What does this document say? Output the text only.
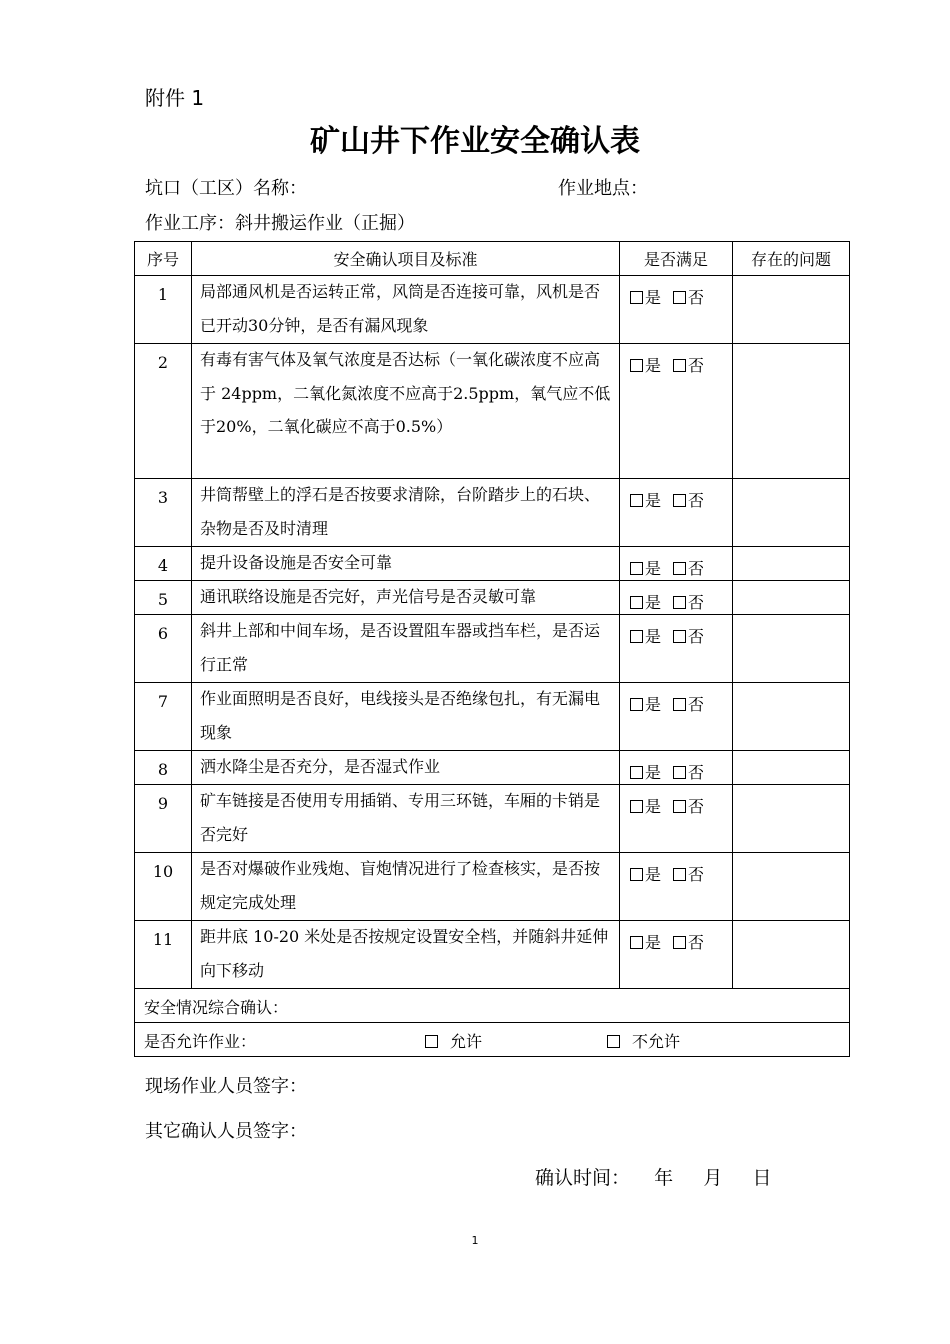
附件 1
矿山井下作业安全确认表
坑口（工区）名称：	作业地点：
作业工序：斜井搬运作业（正掘）
序号	安全确认项目及标准	是否满足	存在的问题
1	局部通风机是否运转正常，风筒是否连接可靠，风机是否已开动30分钟，是否有漏风现象	是 否	
2	有毒有害气体及氧气浓度是否达标（一氧化碳浓度不应高于 24ppm，二氧化氮浓度不应高于2.5ppm，氧气应不低于20%，二氧化碳应不高于0.5%）	是 否	
3	井筒帮壁上的浮石是否按要求清除，台阶踏步上的石块、杂物是否及时清理	是 否	
4	提升设备设施是否安全可靠	是 否	
5	通讯联络设施是否完好，声光信号是否灵敏可靠	是 否	
6	斜井上部和中间车场，是否设置阻车器或挡车栏，是否运行正常	是 否	
7	作业面照明是否良好，电线接头是否绝缘包扎，有无漏电现象	是 否	
8	洒水降尘是否充分，是否湿式作业	是 否	
9	矿车链接是否使用专用插销、专用三环链，车厢的卡销是否完好	是 否	
10	是否对爆破作业残炮、盲炮情况进行了检查核实，是否按规定完成处理	是 否	
11	距井底 10-20 米处是否按规定设置安全档，并随斜井延伸向下移动	是 否	
安全情况综合确认：			
是否允许作业： 允许 不允许			
现场作业人员签字：
其它确认人员签字：
确认时间：    年     月     日
1
